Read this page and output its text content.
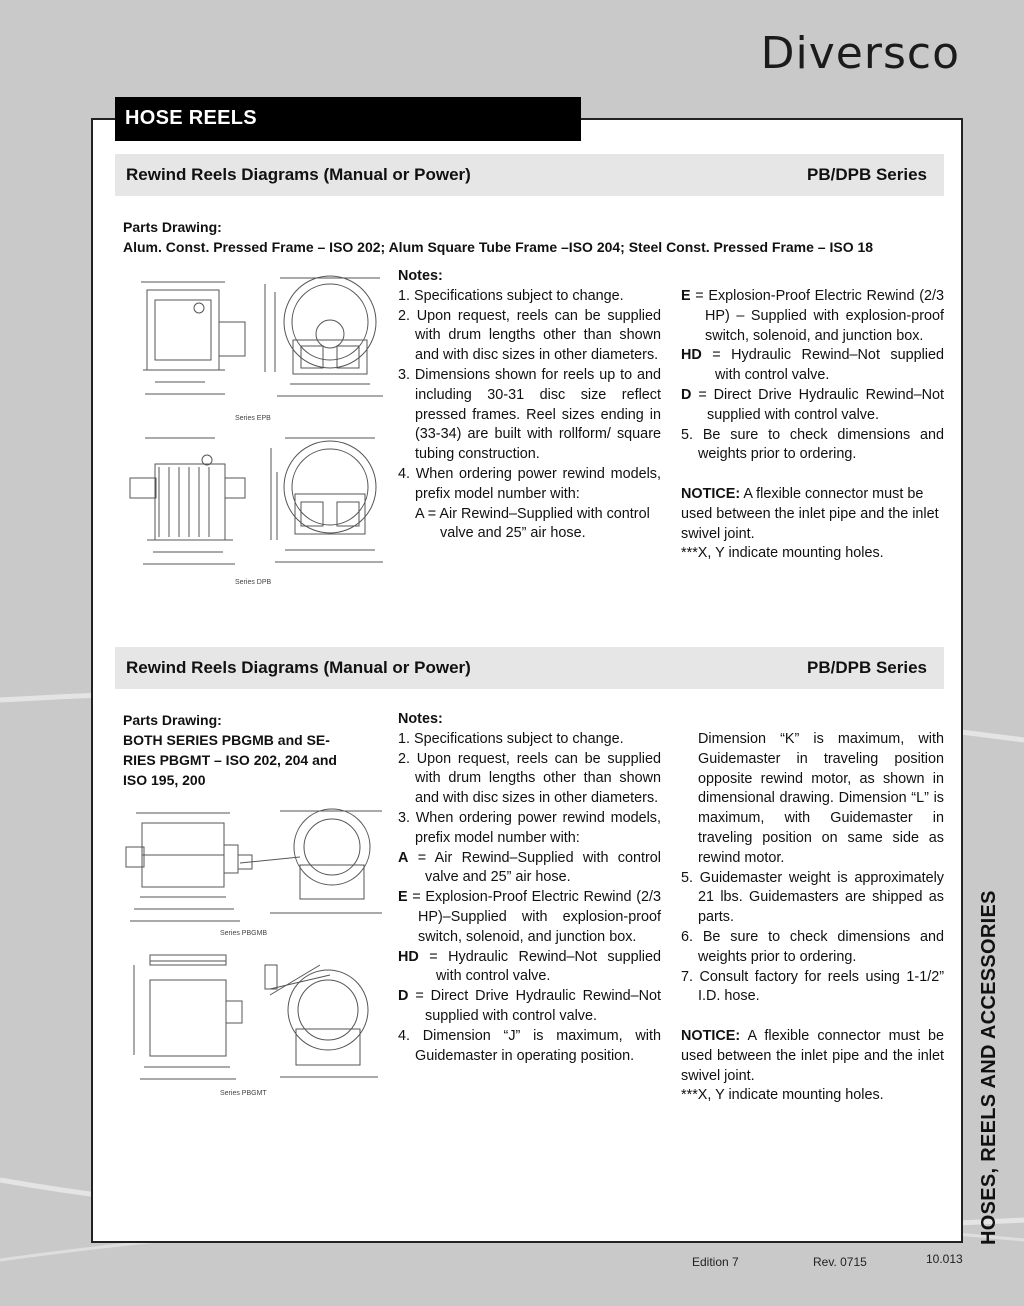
Diversco
HOSE REELS
Rewind Reels Diagrams (Manual or Power)	PB/DPB Series
Parts Drawing:
Alum. Const. Pressed Frame – ISO 202; Alum Square Tube Frame –ISO 204; Steel Const. Pressed Frame – ISO 18
Series EPB
Series DPB

Notes:

1. Specifications subject to change.

2. Upon request, reels can be supplied with drum lengths other than shown and with disc sizes in other diameters.

3. Dimensions shown for reels up to and including 30-31 disc size reflect pressed frames. Reel sizes ending in (33-34) are built with rollform/ square tubing construction.

4. When ordering power rewind models, prefix model number with:

A = Air Rewind–Supplied with control valve and 25” air hose.

E = Explosion-Proof Electric Rewind (2/3 HP) – Supplied with explosion-proof switch, solenoid, and junction box.

HD = Hydraulic Rewind–Not supplied with control valve.

D = Direct Drive Hydraulic Rewind–Not supplied with control valve.

5. Be sure to check dimensions and weights prior to ordering.

NOTICE: A flexible connector must be used between the inlet pipe and the inlet swivel joint.

***X, Y indicate mounting holes.

Rewind Reels Diagrams (Manual or Power)	PB/DPB Series
Parts Drawing:
BOTH SERIES PBGMB and SE-
RIES PBGMT – ISO 202, 204 and
ISO 195, 200
Series PBGMB
Series PBGMT

Notes:

1. Specifications subject to change.

2. Upon request, reels can be supplied with drum lengths other than shown and with disc sizes in other diameters.

3. When ordering power rewind models, prefix model number with:

A = Air Rewind–Supplied with control valve and 25” air hose.

E = Explosion-Proof Electric Rewind (2/3 HP)–Supplied with explosion-proof switch, solenoid, and junction box.

HD = Hydraulic Rewind–Not supplied with control valve.

D = Direct Drive Hydraulic Rewind–Not supplied with control valve.

4. Dimension “J” is maximum, with Guidemaster in operating position.

Dimension “K” is maximum, with Guidemaster in traveling position opposite rewind motor, as shown in dimensional drawing. Dimension “L” is maximum, with Guidemaster in traveling position on same side as rewind motor.

5. Guidemaster weight is approximately 21 lbs. Guidemasters are shipped as parts.

6. Be sure to check dimensions and weights prior to ordering.

7. Consult factory for reels using 1-1/2” I.D. hose.

NOTICE: A flexible connector must be used between the inlet pipe and the inlet swivel joint.

***X, Y indicate mounting holes.	HOSES, REELS AND ACCESSORIES
Edition 7	Rev. 0715	10.013
